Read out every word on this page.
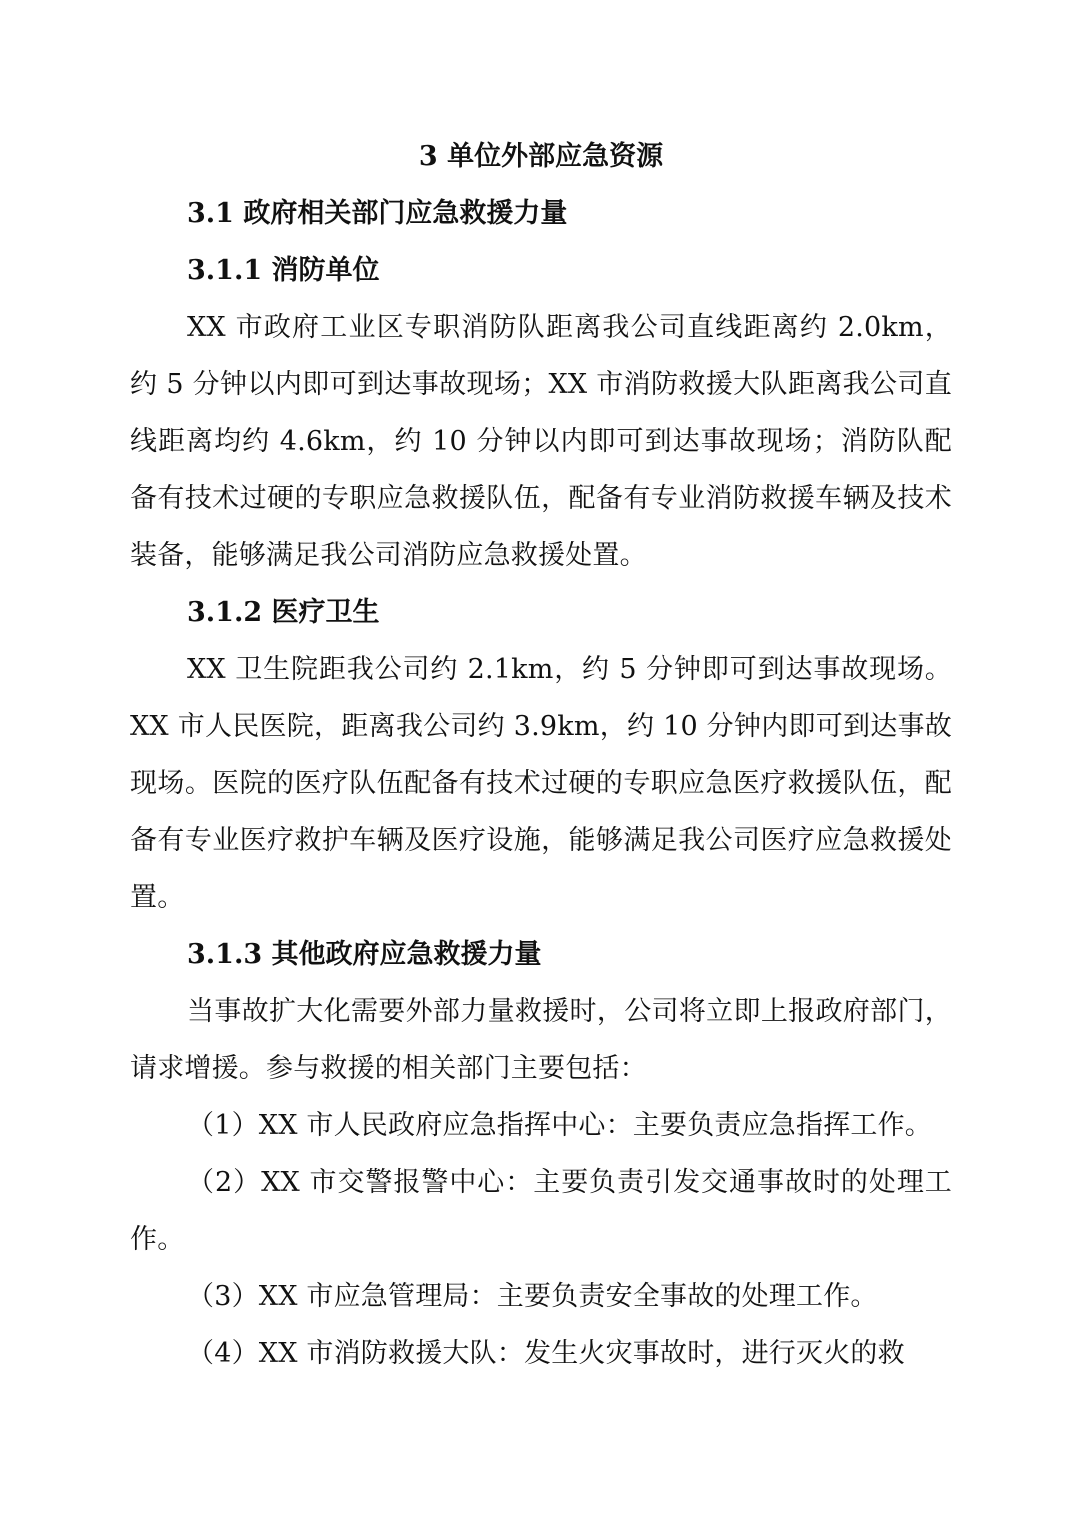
3 单位外部应急资源
3.1 政府相关部门应急救援力量
3.1.1 消防单位

XX 市政府工业区专职消防队距离我公司直线距离约 2.0km，约 5 分钟以内即可到达事故现场；XX 市消防救援大队距离我公司直线距离均约 4.6km，约 10 分钟以内即可到达事故现场；消防队配备有技术过硬的专职应急救援队伍，配备有专业消防救援车辆及技术装备，能够满足我公司消防应急救援处置。

3.1.2 医疗卫生

XX 卫生院距我公司约 2.1km，约 5 分钟即可到达事故现场。XX 市人民医院，距离我公司约 3.9km，约 10 分钟内即可到达事故现场。医院的医疗队伍配备有技术过硬的专职应急医疗救援队伍，配备有专业医疗救护车辆及医疗设施，能够满足我公司医疗应急救援处置。

3.1.3 其他政府应急救援力量

当事故扩大化需要外部力量救援时，公司将立即上报政府部门，请求增援。参与救援的相关部门主要包括：

（1）XX 市人民政府应急指挥中心：主要负责应急指挥工作。

（2）XX 市交警报警中心：主要负责引发交通事故时的处理工作。

（3）XX 市应急管理局：主要负责安全事故的处理工作。

（4）XX 市消防救援大队：发生火灾事故时，进行灭火的救
